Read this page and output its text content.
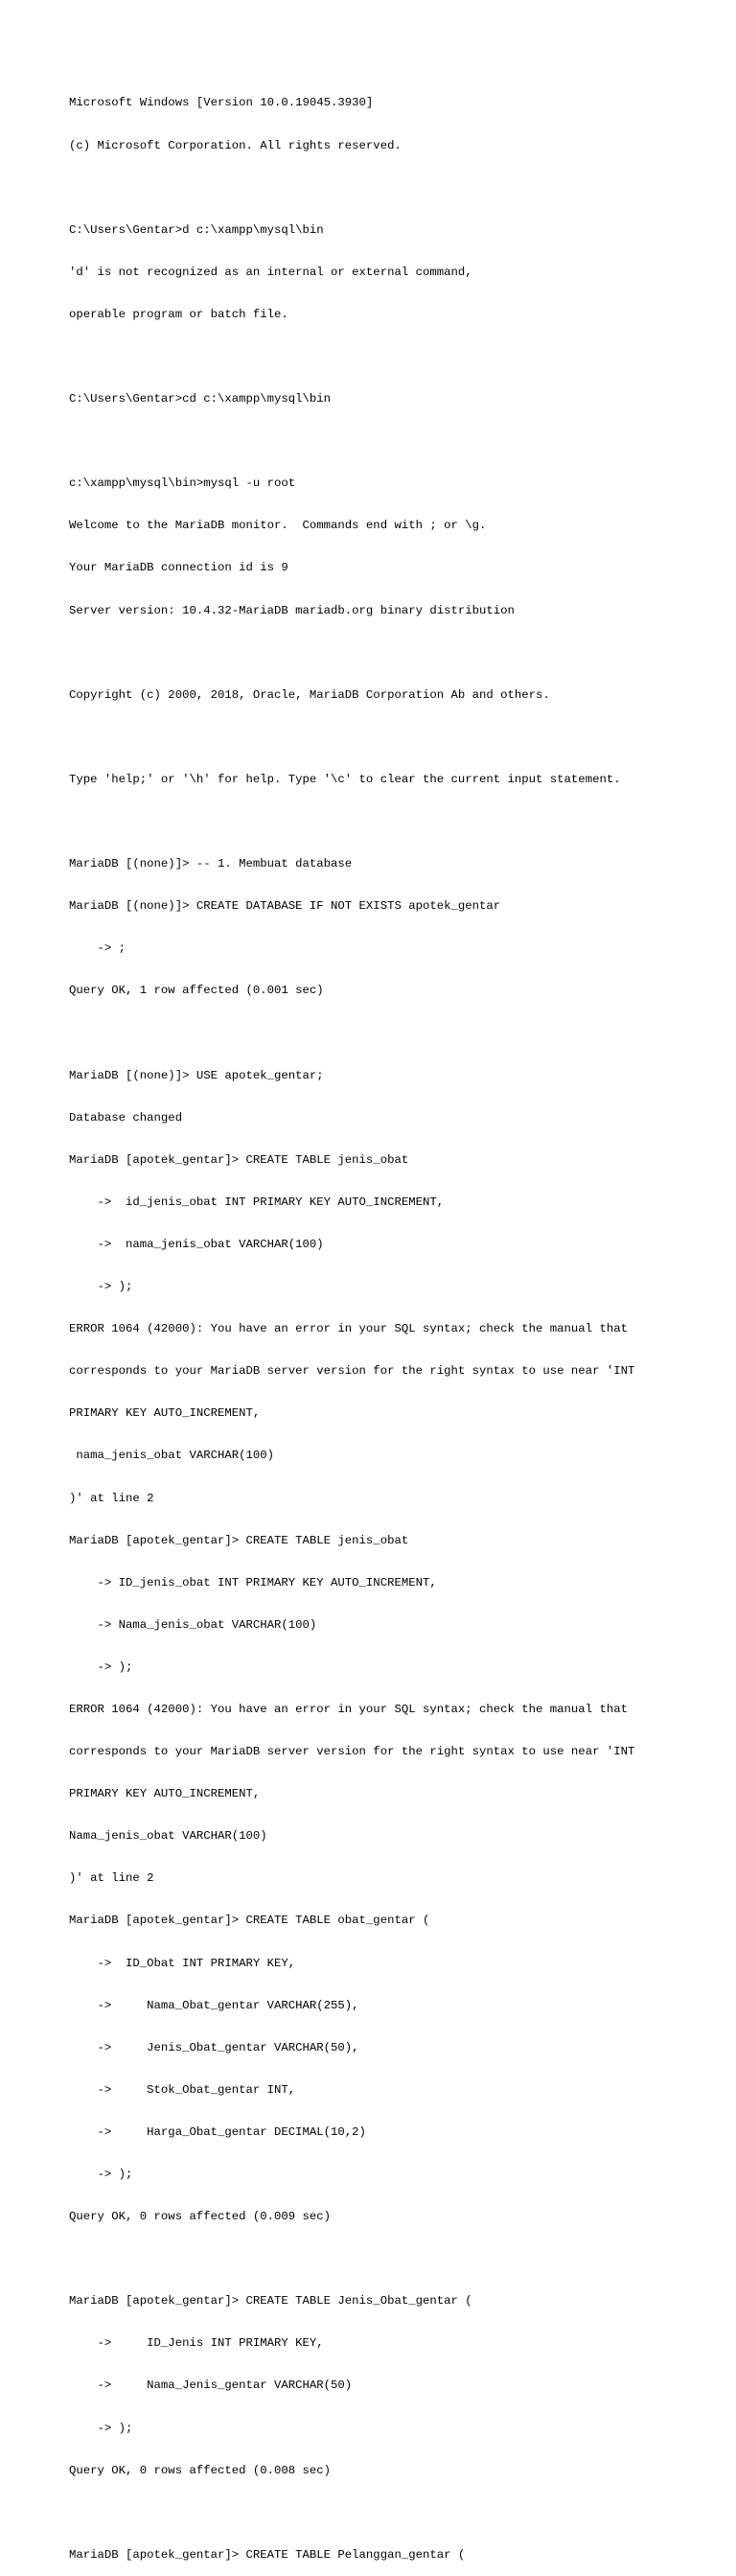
Microsoft Windows [Version 10.0.19045.3930]

(c) Microsoft Corporation. All rights reserved.

C:\Users\Gentar>d c:\xampp\mysql\bin

'd' is not recognized as an internal or external command,

operable program or batch file.

C:\Users\Gentar>cd c:\xampp\mysql\bin

c:\xampp\mysql\bin>mysql -u root

Welcome to the MariaDB monitor.  Commands end with ; or \g.

Your MariaDB connection id is 9

Server version: 10.4.32-MariaDB mariadb.org binary distribution

Copyright (c) 2000, 2018, Oracle, MariaDB Corporation Ab and others.

Type 'help;' or '\h' for help. Type '\c' to clear the current input statement.

MariaDB [(none)]> -- 1. Membuat database

MariaDB [(none)]> CREATE DATABASE IF NOT EXISTS apotek_gentar

-> ;

Query OK, 1 row affected (0.001 sec)

MariaDB [(none)]> USE apotek_gentar;

Database changed

MariaDB [apotek_gentar]> CREATE TABLE jenis_obat

->  id_jenis_obat INT PRIMARY KEY AUTO_INCREMENT,

->  nama_jenis_obat VARCHAR(100)

-> );

ERROR 1064 (42000): You have an error in your SQL syntax; check the manual that

corresponds to your MariaDB server version for the right syntax to use near 'INT

PRIMARY KEY AUTO_INCREMENT,

nama_jenis_obat VARCHAR(100)

)' at line 2

MariaDB [apotek_gentar]> CREATE TABLE jenis_obat

-> ID_jenis_obat INT PRIMARY KEY AUTO_INCREMENT,

-> Nama_jenis_obat VARCHAR(100)

-> );

ERROR 1064 (42000): You have an error in your SQL syntax; check the manual that

corresponds to your MariaDB server version for the right syntax to use near 'INT

PRIMARY KEY AUTO_INCREMENT,

Nama_jenis_obat VARCHAR(100)

)' at line 2

MariaDB [apotek_gentar]> CREATE TABLE obat_gentar (

->  ID_Obat INT PRIMARY KEY,

->     Nama_Obat_gentar VARCHAR(255),

->     Jenis_Obat_gentar VARCHAR(50),

->     Stok_Obat_gentar INT,

->     Harga_Obat_gentar DECIMAL(10,2)

-> );

Query OK, 0 rows affected (0.009 sec)

MariaDB [apotek_gentar]> CREATE TABLE Jenis_Obat_gentar (

->     ID_Jenis INT PRIMARY KEY,

->     Nama_Jenis_gentar VARCHAR(50)

-> );

Query OK, 0 rows affected (0.008 sec)

MariaDB [apotek_gentar]> CREATE TABLE Pelanggan_gentar (
